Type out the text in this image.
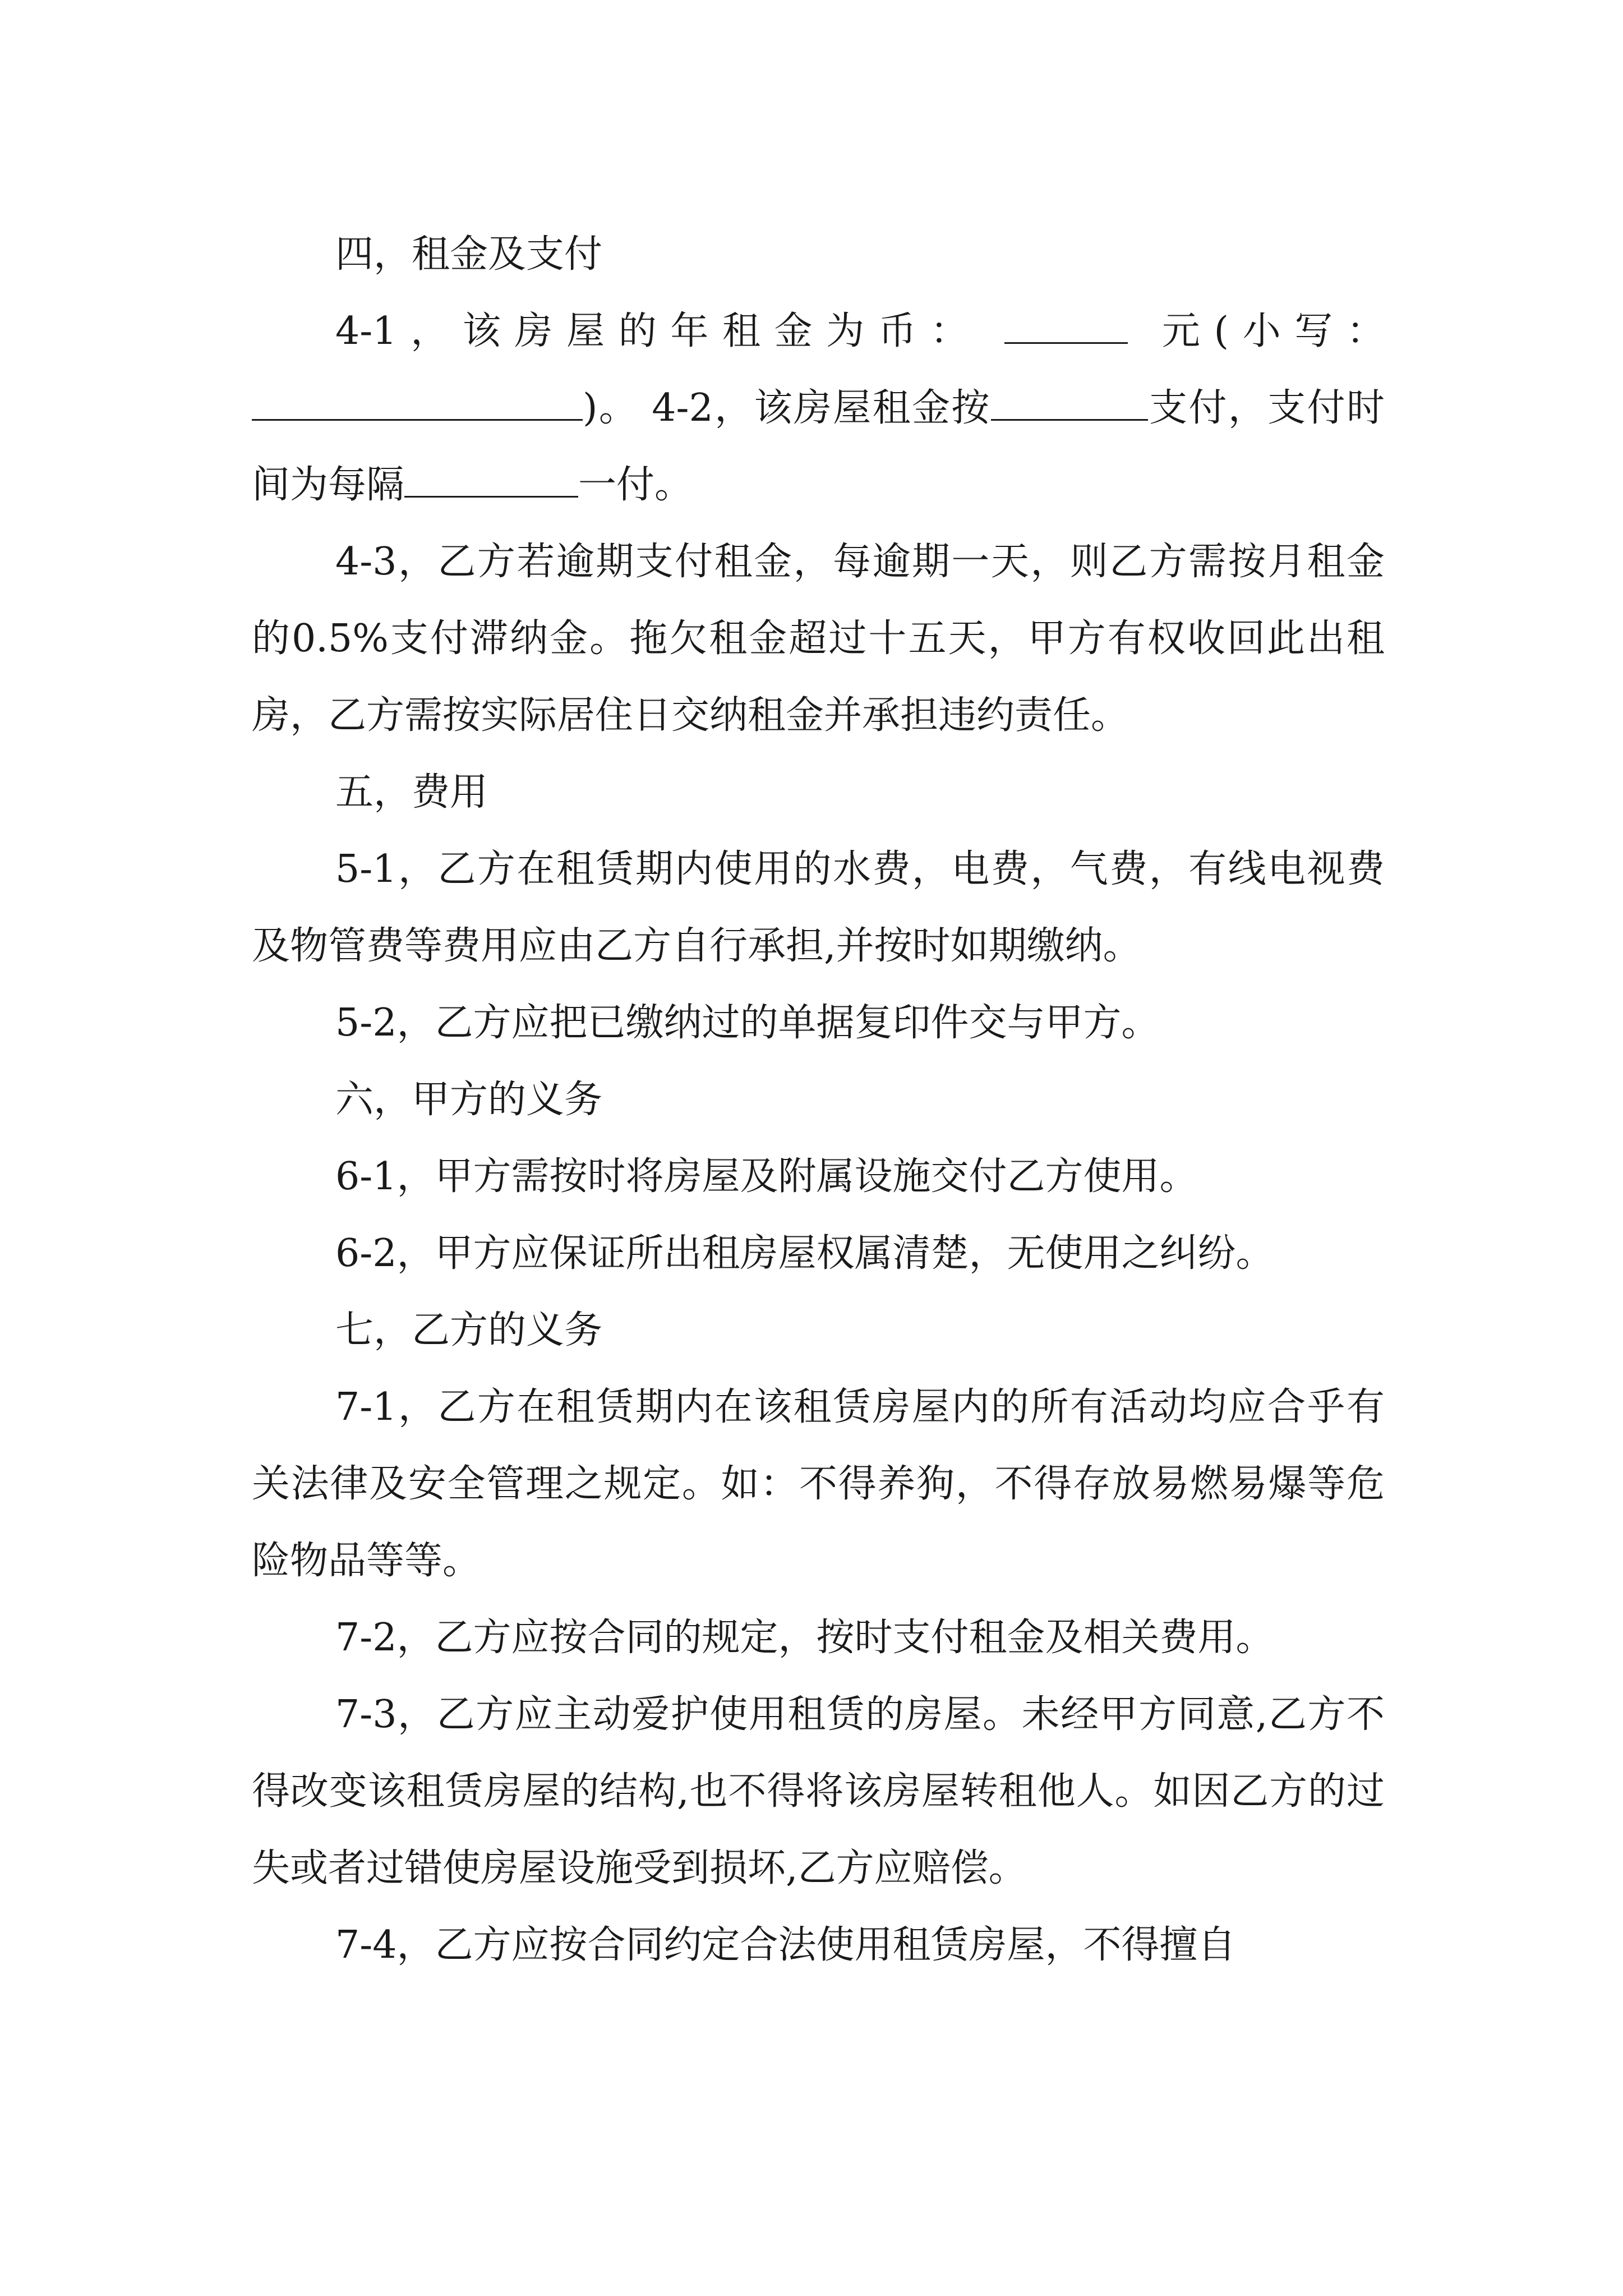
四，租金及支付

4-1，该房屋的年租金为币：	元(小写：)。 4-2，该房屋租金按	支付，支付时间为每隔	一付。

4-3，乙方若逾期支付租金，每逾期一天，则乙方需按月租金的0.5%支付滞纳金。拖欠租金超过十五天，甲方有权收回此出租房，乙方需按实际居住日交纳租金并承担违约责任。

五，费用

5-1，乙方在租赁期内使用的水费，电费，气费，有线电视费及物管费等费用应由乙方自行承担,并按时如期缴纳。

5-2，乙方应把已缴纳过的单据复印件交与甲方。

六，甲方的义务

6-1，甲方需按时将房屋及附属设施交付乙方使用。

6-2，甲方应保证所出租房屋权属清楚，无使用之纠纷。

七，乙方的义务

7-1，乙方在租赁期内在该租赁房屋内的所有活动均应合乎有关法律及安全管理之规定。如：不得养狗，不得存放易燃易爆等危险物品等等。

7-2，乙方应按合同的规定，按时支付租金及相关费用。

7-3，乙方应主动爱护使用租赁的房屋。未经甲方同意,乙方不得改变该租赁房屋的结构,也不得将该房屋转租他人。如因乙方的过失或者过错使房屋设施受到损坏,乙方应赔偿。

7-4，乙方应按合同约定合法使用租赁房屋，不得擅自
